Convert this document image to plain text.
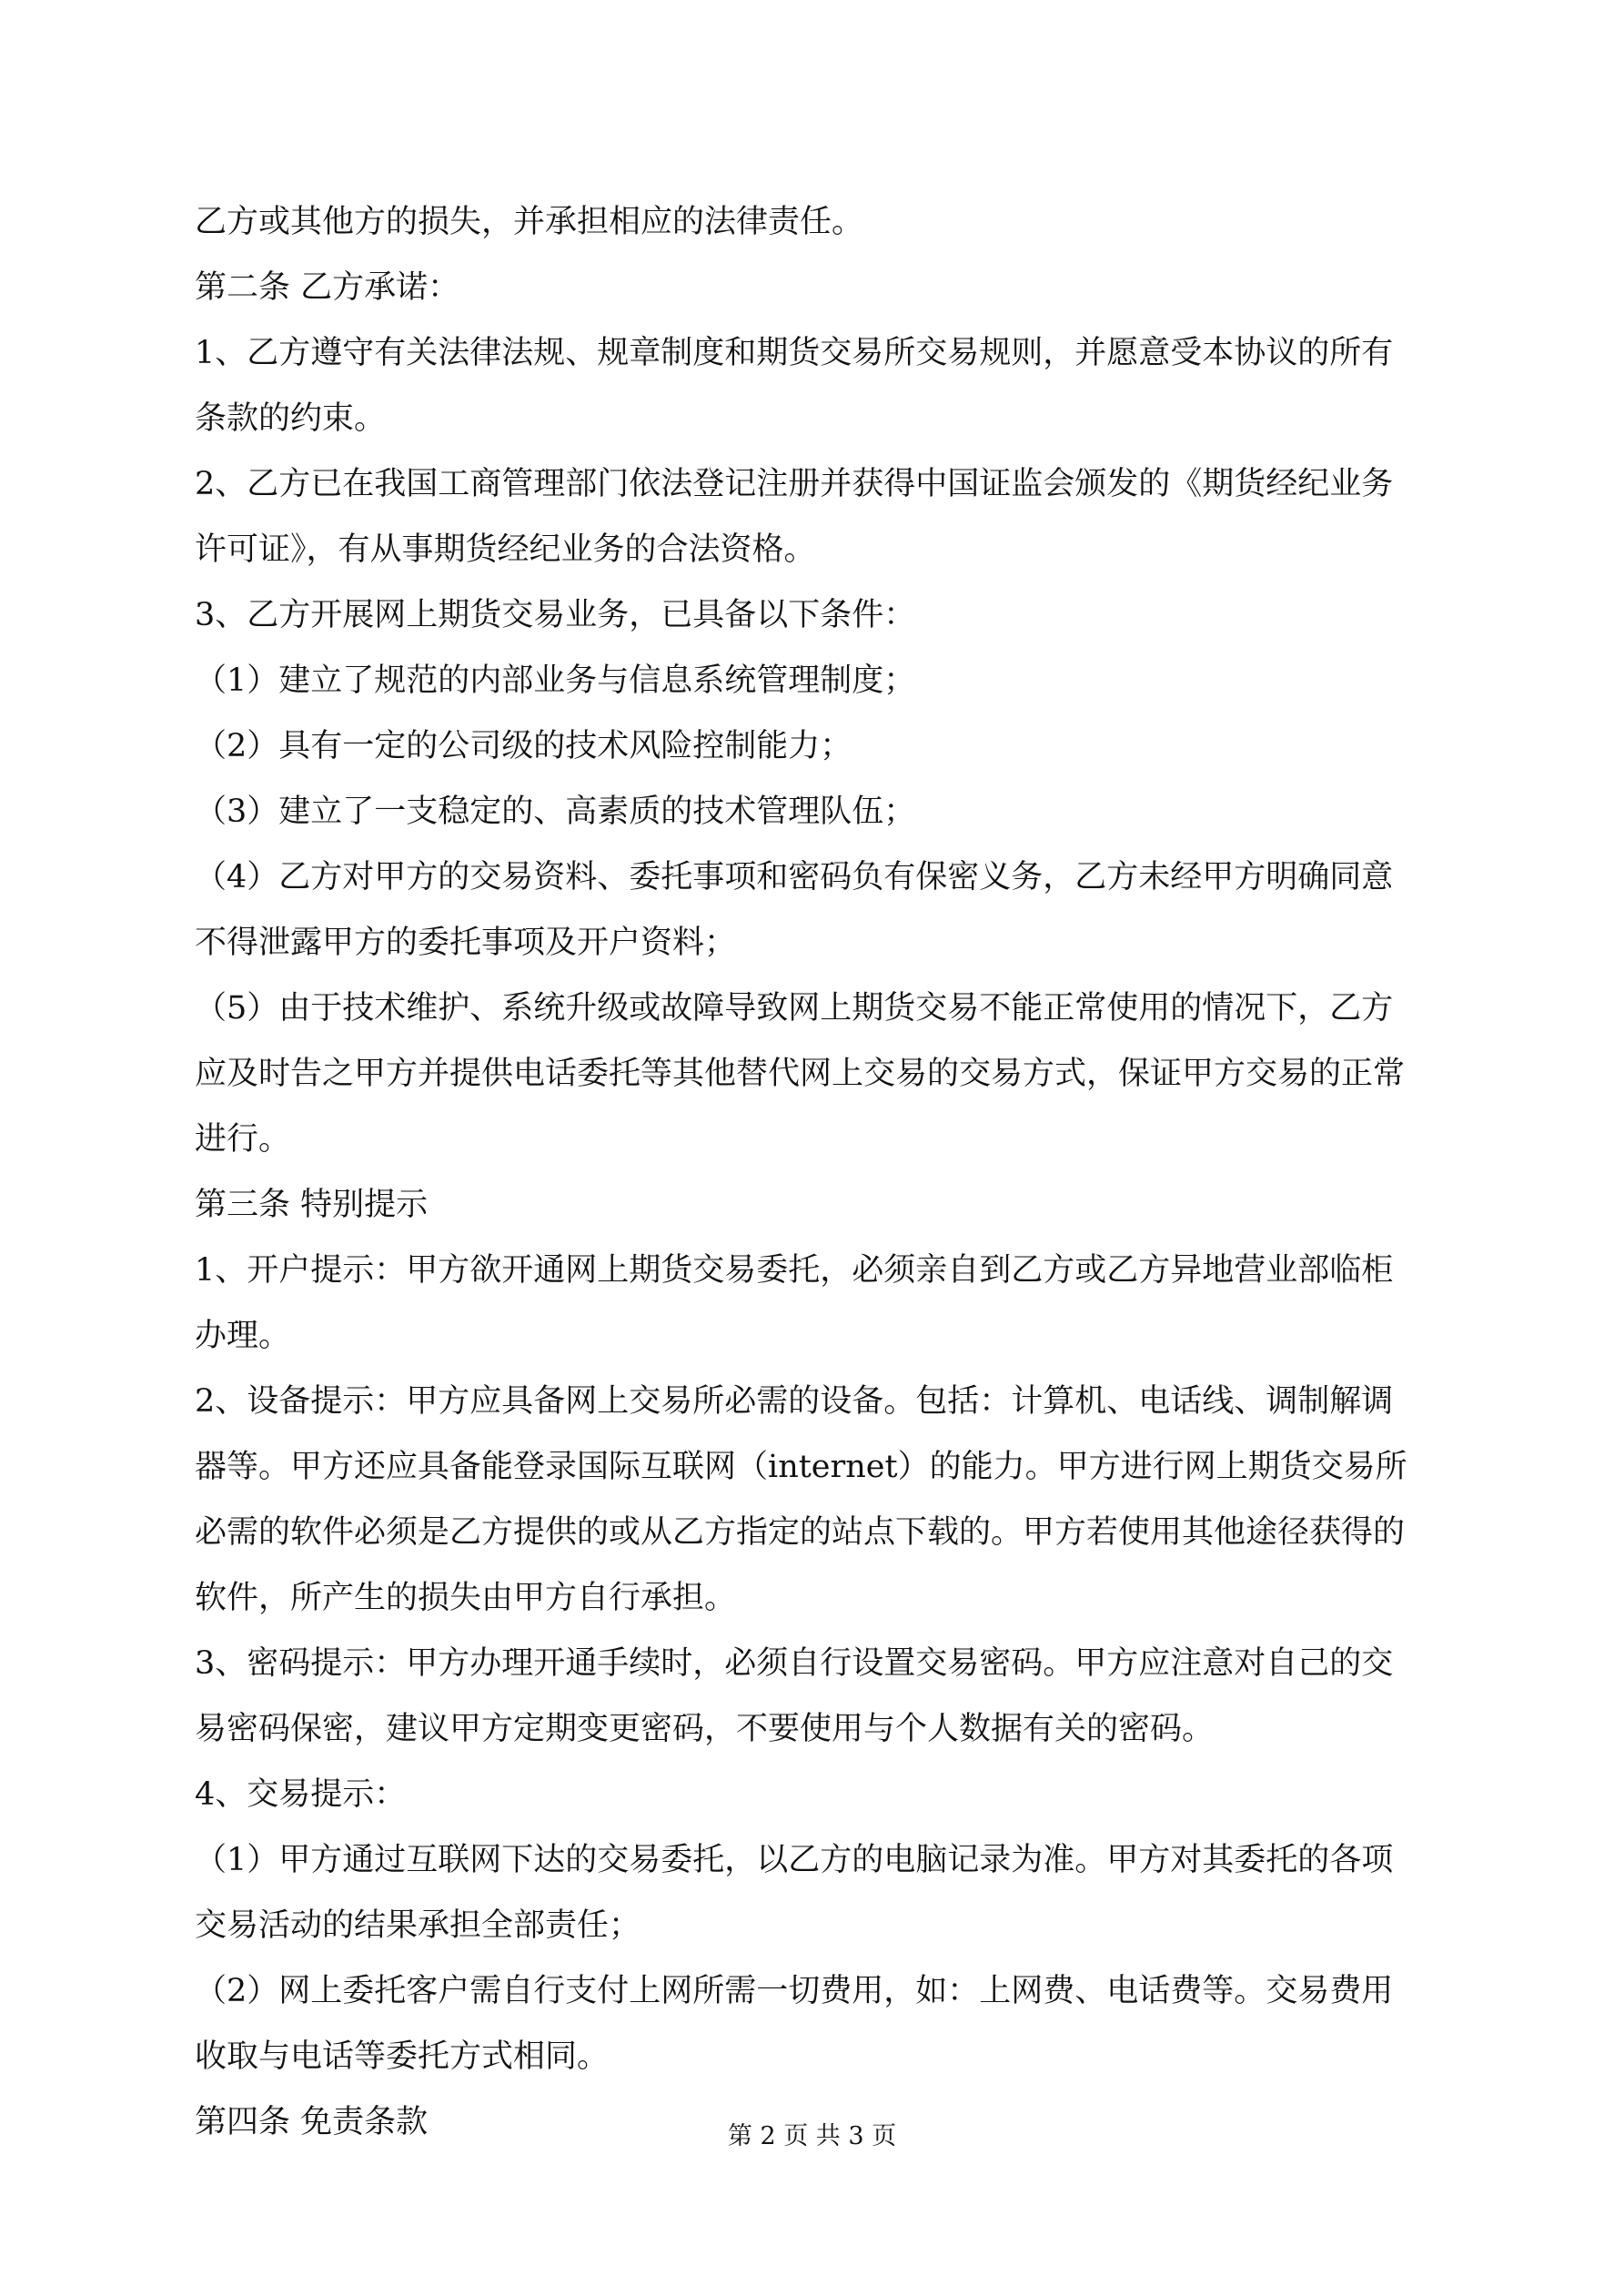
乙方或其他方的损失，并承担相应的法律责任。
第二条 乙方承诺：
1、乙方遵守有关法律法规、规章制度和期货交易所交易规则，并愿意受本协议的所有
条款的约束。
2、乙方已在我国工商管理部门依法登记注册并获得中国证监会颁发的《期货经纪业务
许可证》，有从事期货经纪业务的合法资格。
3、乙方开展网上期货交易业务，已具备以下条件：
（1）建立了规范的内部业务与信息系统管理制度；
（2）具有一定的公司级的技术风险控制能力；
（3）建立了一支稳定的、高素质的技术管理队伍；
（4）乙方对甲方的交易资料、委托事项和密码负有保密义务，乙方未经甲方明确同意
不得泄露甲方的委托事项及开户资料；
（5）由于技术维护、系统升级或故障导致网上期货交易不能正常使用的情况下，乙方
应及时告之甲方并提供电话委托等其他替代网上交易的交易方式，保证甲方交易的正常
进行。
第三条 特别提示
1、开户提示：甲方欲开通网上期货交易委托，必须亲自到乙方或乙方异地营业部临柜
办理。
2、设备提示：甲方应具备网上交易所必需的设备。包括：计算机、电话线、调制解调
器等。甲方还应具备能登录国际互联网（internet）的能力。甲方进行网上期货交易所
必需的软件必须是乙方提供的或从乙方指定的站点下载的。甲方若使用其他途径获得的
软件，所产生的损失由甲方自行承担。
3、密码提示：甲方办理开通手续时，必须自行设置交易密码。甲方应注意对自己的交
易密码保密，建议甲方定期变更密码，不要使用与个人数据有关的密码。
4、交易提示：
（1）甲方通过互联网下达的交易委托，以乙方的电脑记录为准。甲方对其委托的各项
交易活动的结果承担全部责任；
（2）网上委托客户需自行支付上网所需一切费用，如：上网费、电话费等。交易费用
收取与电话等委托方式相同。
第四条 免责条款	第 2 页 共 3 页
